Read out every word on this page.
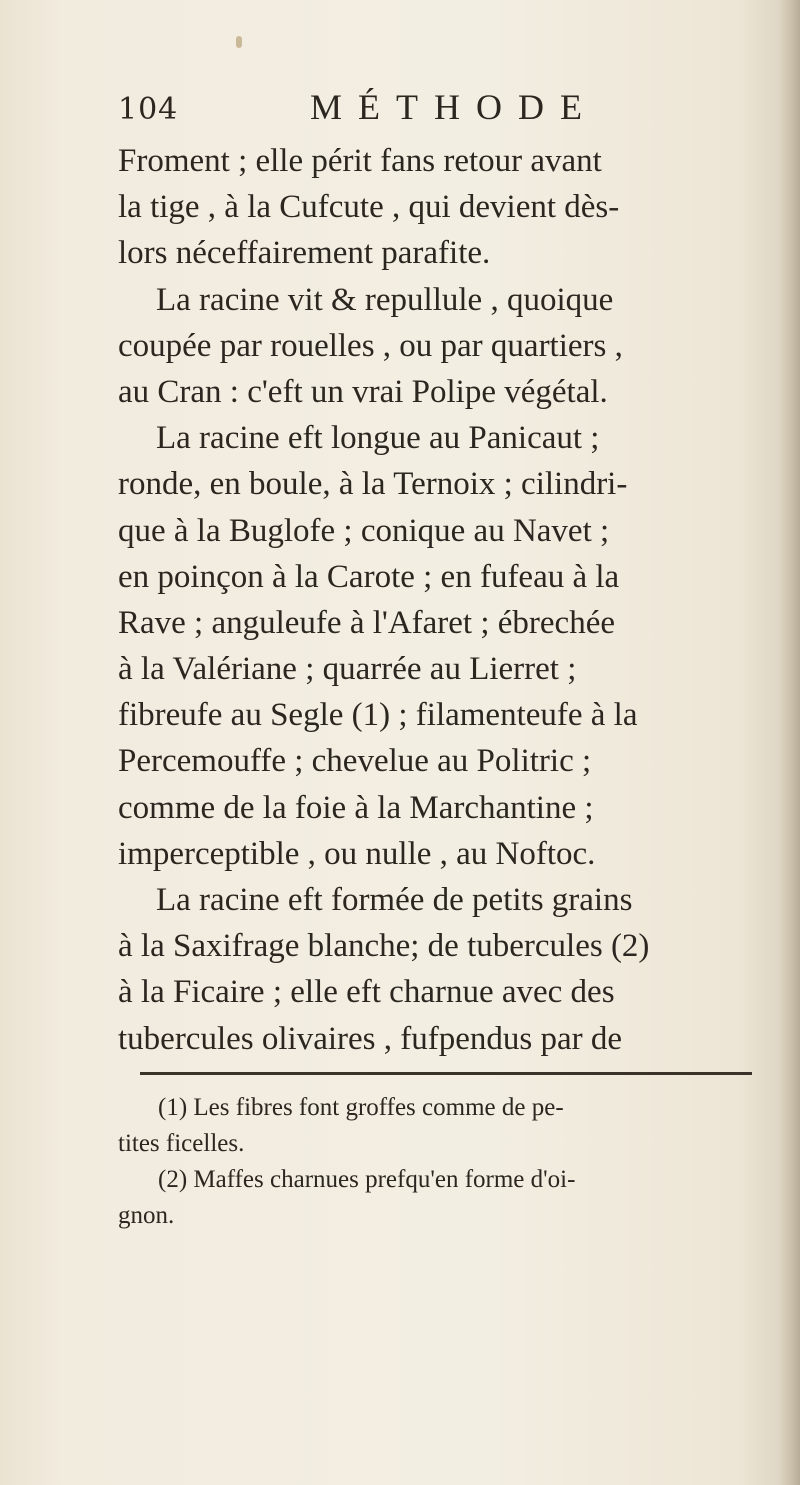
104	MÉTHODE
Froment ; elle périt fans retour avant
la tige , à la Cufcute , qui devient dès-
lors néceffairement parafite.
La racine vit & repullule , quoique
coupée par rouelles , ou par quartiers ,
au Cran : c'eft un vrai Polipe végétal.
La racine eft longue au Panicaut ;
ronde, en boule, à la Ternoix ; cilindri-
que à la Buglofe ; conique au Navet ;
en poinçon à la Carote ; en fufeau à la
Rave ; anguleufe à l'Afaret ; ébrechée
à la Valériane ; quarrée au Lierret ;
fibreufe au Segle (1) ; filamenteufe à la
Percemouffe ; chevelue au Politric ;
comme de la foie à la Marchantine ;
imperceptible , ou nulle , au Noftoc.
La racine eft formée de petits grains
à la Saxifrage blanche; de tubercules (2)
à la Ficaire ; elle eft charnue avec des
tubercules olivaires , fufpendus par de
(1) Les fibres font groffes comme de pe-
tites ficelles.
(2) Maffes charnues prefqu'en forme d'oi-
gnon.
